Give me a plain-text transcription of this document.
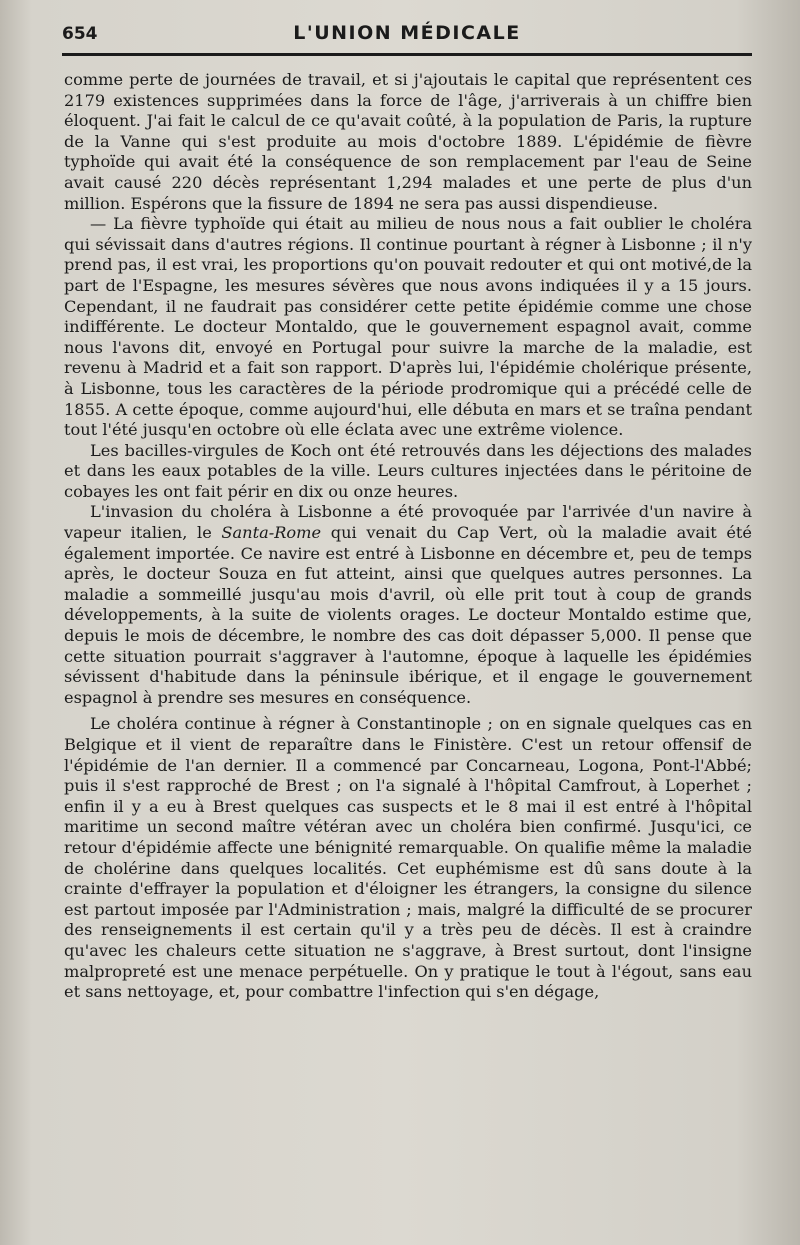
654	L'UNION MÉDICALE

comme perte de journées de travail, et si j'ajoutais le capital que représentent ces 2179 existences supprimées dans la force de l'âge, j'arriverais à un chiffre bien éloquent. J'ai fait le calcul de ce qu'avait coûté, à la population de Paris, la rupture de la Vanne qui s'est produite au mois d'octobre 1889. L'épidémie de fièvre typhoïde qui avait été la conséquence de son remplacement par l'eau de Seine avait causé 220 décès représentant 1,294 malades et une perte de plus d'un million. Espérons que la fissure de 1894 ne sera pas aussi dispendieuse.

— La fièvre typhoïde qui était au milieu de nous nous a fait oublier le choléra qui sévissait dans d'autres régions. Il continue pourtant à régner à Lisbonne ; il n'y prend pas, il est vrai, les proportions qu'on pouvait redouter et qui ont motivé,de la part de l'Espagne, les mesures sévères que nous avons indiquées il y a 15 jours. Cependant, il ne faudrait pas considérer cette petite épidémie comme une chose indifférente. Le docteur Montaldo, que le gouvernement espagnol avait, comme nous l'avons dit, envoyé en Portugal pour suivre la marche de la maladie, est revenu à Madrid et a fait son rapport. D'après lui, l'épidémie cholérique présente, à Lisbonne, tous les caractères de la période prodromique qui a précédé celle de 1855. A cette époque, comme aujourd'hui, elle débuta en mars et se traîna pendant tout l'été jusqu'en octobre où elle éclata avec une extrême violence.

Les bacilles-virgules de Koch ont été retrouvés dans les déjections des malades et dans les eaux potables de la ville. Leurs cultures injectées dans le péritoine de cobayes les ont fait périr en dix ou onze heures.

L'invasion du choléra à Lisbonne a été provoquée par l'arrivée d'un navire à vapeur italien, le Santa-Rome qui venait du Cap Vert, où la maladie avait été également importée. Ce navire est entré à Lisbonne en décembre et, peu de temps après, le docteur Souza en fut atteint, ainsi que quelques autres personnes. La maladie a sommeillé jusqu'au mois d'avril, où elle prit tout à coup de grands développements, à la suite de violents orages. Le docteur Montaldo estime que, depuis le mois de décembre, le nombre des cas doit dépasser 5,000. Il pense que cette situation pourrait s'aggraver à l'automne, époque à laquelle les épidémies sévissent d'habitude dans la péninsule ibérique, et il engage le gouvernement espagnol à prendre ses mesures en conséquence.

Le choléra continue à régner à Constantinople ; on en signale quelques cas en Belgique et il vient de reparaître dans le Finistère. C'est un retour offensif de l'épidémie de l'an dernier. Il a commencé par Concarneau, Logona, Pont-l'Abbé; puis il s'est rapproché de Brest ; on l'a signalé à l'hôpital Camfrout, à Loperhet ; enfin il y a eu à Brest quelques cas suspects et le 8 mai il est entré à l'hôpital maritime un second maître vétéran avec un choléra bien confirmé. Jusqu'ici, ce retour d'épidémie affecte une bénignité remarquable. On qualifie même la maladie de cholérine dans quelques localités. Cet euphémisme est dû sans doute à la crainte d'effrayer la population et d'éloigner les étrangers, la consigne du silence est partout imposée par l'Administration ; mais, malgré la difficulté de se procurer des renseignements il est certain qu'il y a très peu de décès. Il est à craindre qu'avec les chaleurs cette situation ne s'aggrave, à Brest surtout, dont l'insigne malpropreté est une menace perpétuelle. On y pratique le tout à l'égout, sans eau et sans nettoyage, et, pour combattre l'infection qui s'en dégage,
